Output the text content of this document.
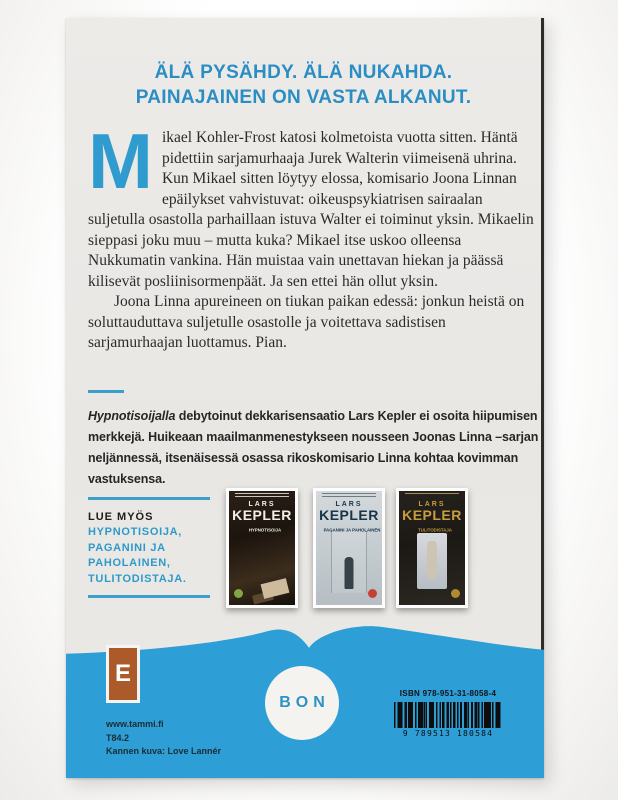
ÄLÄ PYSÄHDY. ÄLÄ NUKAHDA.
PAINAJAINEN ON VASTA ALKANUT.

Mikael Kohler-Frost katosi kolmetoista vuotta sitten. Häntä pidettiin sarjamurhaaja Jurek Walterin viimeisenä uhrina. Kun Mikael sitten löytyy elossa, komisario Joona Linnan epäilykset vahvistuvat: oikeuspsykiatrisen sairaalan suljetulla osastolla parhaillaan istuva Walter ei toiminut yksin. Mikaelin sieppasi joku muu – mutta kuka? Mikael itse uskoo olleensa Nukkumatin vankina. Hän muistaa vain unettavan hiekan ja päässä kilisevät posliinisormenpäät. Ja sen ettei hän ollut yksin.

Joona Linna apureineen on tiukan paikan edessä: jonkun heistä on soluttauduttava suljetulle osastolle ja voitettava sadistisen sarjamurhaajan luottamus. Pian.

Hypnotisoijalla debytoinut dekkarisensaatio Lars Kepler ei osoita hiipumisen merkkejä. Huikeaan maailmanmenestykseen nousseen Joonas Linna –sarjan neljännessä, itsenäisessä osassa rikoskomisario Linna kohtaa kovimman vastuksensa.

LUE MYÖS
HYPNOTISOIJA,
PAGANINI JA
PAHOLAINEN,
TULITODISTAJA.
LARS
KEPLER
HYPNOTISOIJA
LARS
KEPLER
PAGANINI JA PAHOLAINEN
LARS
KEPLER
TULITODISTAJA
E
BON
ISBN 978-951-31-8058-4
9 789513 180584
www.tammi.fi
T84.2
Kannen kuva: Love Lannér
